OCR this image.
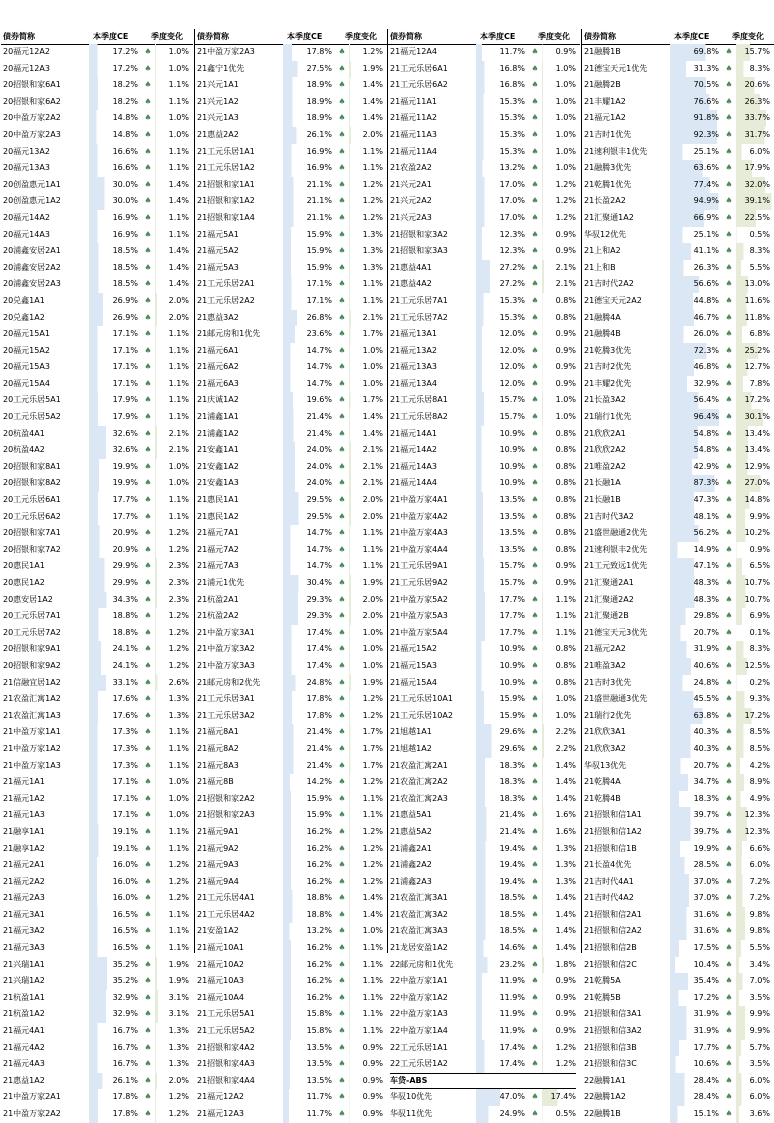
债券简称	本季度CE	季度变化
20福元12A2	17.2% ♠	1.0%
20福元12A3	17.2% ♠	1.0%
20招银和家6A1	18.2% ♠	1.1%
20招银和家6A2	18.2% ♠	1.1%
20中盈万家2A2	14.8% ♠	1.0%
20中盈万家2A3	14.8% ♠	1.0%
20福元13A2	16.6% ♠	1.1%
20福元13A3	16.6% ♠	1.1%
20创盈惠元1A1	30.0% ♠	1.4%
20创盈惠元1A2	30.0% ♠	1.4%
20福元14A2	16.9% ♠	1.1%
20福元14A3	16.9% ♠	1.1%
20浦鑫安居2A1	18.5% ♠	1.4%
20浦鑫安居2A2	18.5% ♠	1.4%
20浦鑫安居2A3	18.5% ♠	1.4%
20兑鑫1A1	26.9% ♠	2.0%
20兑鑫1A2	26.9% ♠	2.0%
20福元15A1	17.1% ♠	1.1%
20福元15A2	17.1% ♠	1.1%
20福元15A3	17.1% ♠	1.1%
20福元15A4	17.1% ♠	1.1%
20工元乐居5A1	17.9% ♠	1.1%
20工元乐居5A2	17.9% ♠	1.1%
20杭盈4A1	32.6% ♠	2.1%
20杭盈4A2	32.6% ♠	2.1%
20招银和家8A1	19.9% ♠	1.0%
20招银和家8A2	19.9% ♠	1.0%
20工元乐居6A1	17.7% ♠	1.1%
20工元乐居6A2	17.7% ♠	1.1%
20招银和家7A1	20.9% ♠	1.2%
20招银和家7A2	20.9% ♠	1.2%
20惠民1A1	29.9% ♠	2.3%
20惠民1A2	29.9% ♠	2.3%
20惠安居1A2	34.3% ♠	2.3%
20工元乐居7A1	18.8% ♠	1.2%
20工元乐居7A2	18.8% ♠	1.2%
20招银和家9A1	24.1% ♠	1.2%
20招银和家9A2	24.1% ♠	1.2%
21信融宜居1A2	33.1% ♠	2.6%
21农盈汇寓1A2	17.6% ♠	1.3%
21农盈汇寓1A3	17.6% ♠	1.3%
21中盈万家1A1	17.3% ♠	1.1%
21中盈万家1A2	17.3% ♠	1.1%
21中盈万家1A3	17.3% ♠	1.1%
21福元1A1	17.1% ♠	1.0%
21福元1A2	17.1% ♠	1.0%
21福元1A3	17.1% ♠	1.0%
21融享1A1	19.1% ♠	1.1%
21融享1A2	19.1% ♠	1.1%
21福元2A1	16.0% ♠	1.2%
21福元2A2	16.0% ♠	1.2%
21福元2A3	16.0% ♠	1.2%
21福元3A1	16.5% ♠	1.1%
21福元3A2	16.5% ♠	1.1%
21福元3A3	16.5% ♠	1.1%
21兴瑞1A1	35.2% ♠	1.9%
21兴瑞1A2	35.2% ♠	1.9%
21杭盈1A1	32.9% ♠	3.1%
21杭盈1A2	32.9% ♠	3.1%
21福元4A1	16.7% ♠	1.3%
21福元4A2	16.7% ♠	1.3%
21福元4A3	16.7% ♠	1.3%
21惠益1A2	26.1% ♠	2.0%
21中盈万家2A1	17.8% ♠	1.2%
21中盈万家2A2	17.8% ♠	1.2%
债券简称	本季度CE	季度变化
21中盈万家2A3	17.8% ♠	1.2%
21鑫宁1优先	27.5% ♠	1.9%
21兴元1A1	18.9% ♠	1.4%
21兴元1A2	18.9% ♠	1.4%
21兴元1A3	18.9% ♠	1.4%
21惠益2A2	26.1% ♠	2.0%
21工元乐居1A1	16.9% ♠	1.1%
21工元乐居1A2	16.9% ♠	1.1%
21招银和家1A1	21.1% ♠	1.2%
21招银和家1A2	21.1% ♠	1.2%
21招银和家1A4	21.1% ♠	1.2%
21福元5A1	15.9% ♠	1.3%
21福元5A2	15.9% ♠	1.3%
21福元5A3	15.9% ♠	1.3%
21工元乐居2A1	17.1% ♠	1.1%
21工元乐居2A2	17.1% ♠	1.1%
21惠益3A2	26.8% ♠	2.1%
21邮元房和1优先	23.6% ♠	1.7%
21福元6A1	14.7% ♠	1.0%
21福元6A2	14.7% ♠	1.0%
21福元6A3	14.7% ♠	1.0%
21庆诚1A2	19.6% ♠	1.7%
21浦鑫1A1	21.4% ♠	1.4%
21浦鑫1A2	21.4% ♠	1.4%
21安鑫1A1	24.0% ♠	2.1%
21安鑫1A2	24.0% ♠	2.1%
21安鑫1A3	24.0% ♠	2.1%
21惠民1A1	29.5% ♠	2.0%
21惠民1A2	29.5% ♠	2.0%
21福元7A1	14.7% ♠	1.1%
21福元7A2	14.7% ♠	1.1%
21福元7A3	14.7% ♠	1.1%
21浦元1优先	30.4% ♠	1.9%
21杭盈2A1	29.3% ♠	2.0%
21杭盈2A2	29.3% ♠	2.0%
21中盈万家3A1	17.4% ♠	1.0%
21中盈万家3A2	17.4% ♠	1.0%
21中盈万家3A3	17.4% ♠	1.0%
21邮元房和2优先	24.8% ♠	1.9%
21工元乐居3A1	17.8% ♠	1.2%
21工元乐居3A2	17.8% ♠	1.2%
21福元8A1	21.4% ♠	1.7%
21福元8A2	21.4% ♠	1.7%
21福元8A3	21.4% ♠	1.7%
21福元8B	14.2% ♠	1.2%
21招银和家2A2	15.9% ♠	1.1%
21招银和家2A3	15.9% ♠	1.1%
21福元9A1	16.2% ♠	1.2%
21福元9A2	16.2% ♠	1.2%
21福元9A3	16.2% ♠	1.2%
21福元9A4	16.2% ♠	1.2%
21工元乐居4A1	18.8% ♠	1.4%
21工元乐居4A2	18.8% ♠	1.4%
21安盈1A2	13.2% ♠	1.0%
21福元10A1	16.2% ♠	1.1%
21福元10A2	16.2% ♠	1.1%
21福元10A3	16.2% ♠	1.1%
21福元10A4	16.2% ♠	1.1%
21工元乐居5A1	15.8% ♠	1.1%
21工元乐居5A2	15.8% ♠	1.1%
21招银和家4A2	13.5% ♠	0.9%
21招银和家4A3	13.5% ♠	0.9%
21招银和家4A4	13.5% ♠	0.9%
21福元12A2	11.7% ♠	0.9%
21福元12A3	11.7% ♠	0.9%
债券简称	本季度CE	季度变化
21福元12A4	11.7% ♠	0.9%
21工元乐居6A1	16.8% ♠	1.0%
21工元乐居6A2	16.8% ♠	1.0%
21福元11A1	15.3% ♠	1.0%
21福元11A2	15.3% ♠	1.0%
21福元11A3	15.3% ♠	1.0%
21福元11A4	15.3% ♠	1.0%
21农盈2A2	13.2% ♠	1.0%
21兴元2A1	17.0% ♠	1.2%
21兴元2A2	17.0% ♠	1.2%
21兴元2A3	17.0% ♠	1.2%
21招银和家3A2	12.3% ♠	0.9%
21招银和家3A3	12.3% ♠	0.9%
21惠益4A1	27.2% ♠	2.1%
21惠益4A2	27.2% ♠	2.1%
21工元乐居7A1	15.3% ♠	0.8%
21工元乐居7A2	15.3% ♠	0.8%
21福元13A1	12.0% ♠	0.9%
21福元13A2	12.0% ♠	0.9%
21福元13A3	12.0% ♠	0.9%
21福元13A4	12.0% ♠	0.9%
21工元乐居8A1	15.7% ♠	1.0%
21工元乐居8A2	15.7% ♠	1.0%
21福元14A1	10.9% ♠	0.8%
21福元14A2	10.9% ♠	0.8%
21福元14A3	10.9% ♠	0.8%
21福元14A4	10.9% ♠	0.8%
21中盈万家4A1	13.5% ♠	0.8%
21中盈万家4A2	13.5% ♠	0.8%
21中盈万家4A3	13.5% ♠	0.8%
21中盈万家4A4	13.5% ♠	0.8%
21工元乐居9A1	15.7% ♠	0.9%
21工元乐居9A2	15.7% ♠	0.9%
21中盈万家5A2	17.7% ♠	1.1%
21中盈万家5A3	17.7% ♠	1.1%
21中盈万家5A4	17.7% ♠	1.1%
21福元15A2	10.9% ♠	0.8%
21福元15A3	10.9% ♠	0.8%
21福元15A4	10.9% ♠	0.8%
21工元乐居10A1	15.9% ♠	1.0%
21工元乐居10A2	15.9% ♠	1.0%
21旭越1A1	29.6% ♠	2.2%
21旭越1A2	29.6% ♠	2.2%
21农盈汇寓2A1	18.3% ♠	1.4%
21农盈汇寓2A2	18.3% ♠	1.4%
21农盈汇寓2A3	18.3% ♠	1.4%
21惠益5A1	21.4% ♠	1.6%
21惠益5A2	21.4% ♠	1.6%
21浦鑫2A1	19.4% ♠	1.3%
21浦鑫2A2	19.4% ♠	1.3%
21浦鑫2A3	19.4% ♠	1.3%
21农盈汇寓3A1	18.5% ♠	1.4%
21农盈汇寓3A2	18.5% ♠	1.4%
21农盈汇寓3A3	18.5% ♠	1.4%
21龙居安盈1A2	14.6% ♠	1.4%
22邮元房和1优先	23.2% ♠	1.8%
22中盈万家1A1	11.9% ♠	0.9%
22中盈万家1A2	11.9% ♠	0.9%
22中盈万家1A3	11.9% ♠	0.9%
22中盈万家1A4	11.9% ♠	0.9%
22工元乐居1A1	17.4% ♠	1.2%
22工元乐居1A2	17.4% ♠	1.2%
车贷-ABS
华驭10优先	47.0% ♠	17.4%
华驭11优先	24.9% ♠	0.5%
债券简称	本季度CE	季度变化
21融腾1B	69.8% ♠	15.7%
21德宝天元1优先	31.3% ♠	8.3%
21融腾2B	70.5% ♠	20.6%
21丰耀1A2	76.6% ♠	26.3%
21福元1A2	91.8% ♠	33.7%
21吉时1优先	92.3% ♠	31.7%
21速利银丰1优先	25.1% ♠	6.0%
21融腾3优先	63.6% ♠	17.9%
21乾腾1优先	77.4% ♠	32.0%
21长盈2A2	94.9% ♠	39.1%
21汇聚通1A2	66.9% ♠	22.5%
华驭12优先	25.1% ♠	0.5%
21上和A2	41.1% ♠	8.3%
21上和B	26.3% ♠	5.5%
21吉时代2A2	56.6% ♠	13.0%
21德宝天元2A2	44.8% ♠	11.6%
21融腾4A	46.7% ♠	11.8%
21融腾4B	26.0% ♠	6.8%
21乾腾3优先	72.3% ♠	25.2%
21吉时2优先	46.8% ♠	12.7%
21丰耀2优先	32.9% ♠	7.8%
21长盈3A2	56.4% ♠	17.2%
21瑞行1优先	96.4% ♠	30.1%
21欣欣2A1	54.8% ♠	13.4%
21欣欣2A2	54.8% ♠	13.4%
21唯盈2A2	42.9% ♠	12.9%
21长融1A	87.3% ♠	27.0%
21长融1B	47.3% ♠	14.8%
21吉时代3A2	48.1% ♠	9.9%
21盛世融通2优先	56.2% ♠	10.2%
21速利银丰2优先	14.9% ♠	0.9%
21工元致远1优先	47.1% ♠	6.5%
21汇聚通2A1	48.3% ♠	10.7%
21汇聚通2A2	48.3% ♠	10.7%
21汇聚通2B	29.8% ♠	6.9%
21德宝天元3优先	20.7% ♠	0.1%
21福元2A2	31.9% ♠	8.3%
21唯盈3A2	40.6% ♠	12.5%
21吉时3优先	24.8% ♠	0.2%
21盛世融通3优先	45.5% ♠	9.3%
21瑞行2优先	63.8% ♠	17.2%
21欣欣3A1	40.3% ♠	8.5%
21欣欣3A2	40.3% ♠	8.5%
华驭13优先	20.7% ♠	4.2%
21乾腾4A	34.7% ♠	8.9%
21乾腾4B	18.3% ♠	4.9%
21招银和信1A1	39.7% ♠	12.3%
21招银和信1A2	39.7% ♠	12.3%
21招银和信1B	19.9% ♠	6.6%
21长盈4优先	28.5% ♠	6.0%
21吉时代4A1	37.0% ♠	7.2%
21吉时代4A2	37.0% ♠	7.2%
21招银和信2A1	31.6% ♠	9.8%
21招银和信2A2	31.6% ♠	9.8%
21招银和信2B	17.5% ♠	5.5%
21招银和信2C	10.4% ♠	3.4%
21乾腾5A	35.4% ♠	7.0%
21乾腾5B	17.2% ♠	3.5%
21招银和信3A1	31.9% ♠	9.9%
21招银和信3A2	31.9% ♠	9.9%
21招银和信3B	17.7% ♠	5.7%
21招银和信3C	10.6% ♠	3.5%
22融腾1A1	28.4% ♠	6.0%
22融腾1A2	28.4% ♠	6.0%
22融腾1B	15.1% ♠	3.6%
